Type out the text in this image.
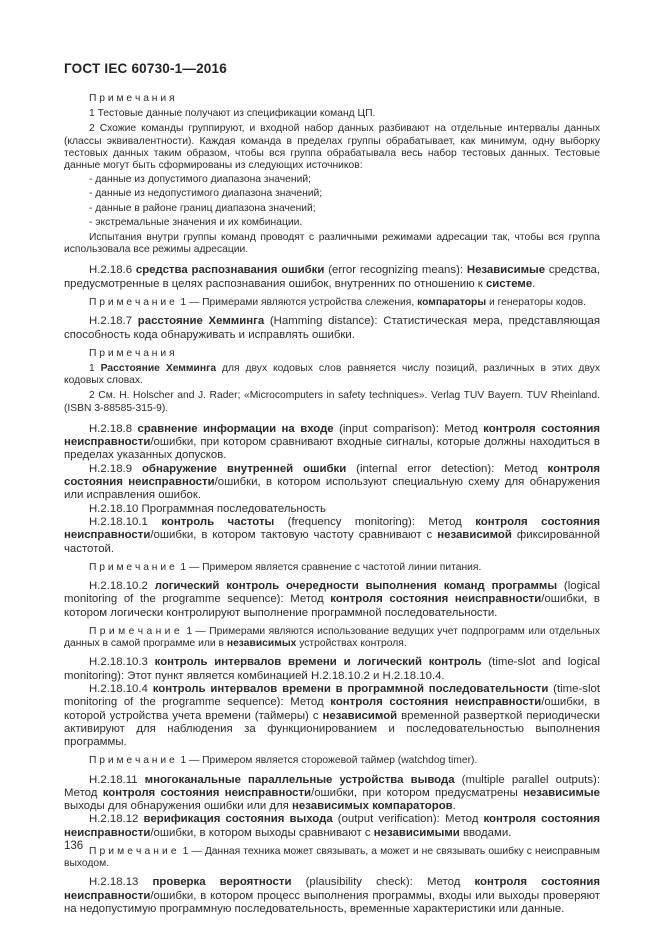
ГОСТ IEC 60730-1—2016

П р и м е ч а н и я

1 Тестовые данные получают из спецификации команд ЦП.

2 Схожие команды группируют, и входной набор данных разбивают на отдельные интервалы данных (классы эквивалентности). Каждая команда в пределах группы обрабатывает, как минимум, одну выборку тестовых данных таким образом, чтобы вся группа обрабатывала весь набор тестовых данных. Тестовые данные могут быть сформированы из следующих источников:

- данные из допустимого диапазона значений;

- данные из недопустимого диапазона значений;

- данные в районе границ диапазона значений;

- экстремальные значения и их комбинации.

Испытания внутри группы команд проводят с различными режимами адресации так, чтобы вся группа использовала все режимы адресации.

Н.2.18.6 средства распознавания ошибки (error recognizing means): Независимые средства, предусмотренные в целях распознавания ошибок, внутренних по отношению к системе.

П р и м е ч а н и е  1 — Примерами являются устройства слежения, компараторы и генераторы кодов.

Н.2.18.7 расстояние Хемминга (Hamming distance): Статистическая мера, представляющая способность кода обнаруживать и исправлять ошибки.

П р и м е ч а н и я

1 Расстояние Хемминга для двух кодовых слов равняется числу позиций, различных в этих двух кодовых словах.

2 См. H. Holscher and J. Rader; «Microcomputers in safety techniques». Verlag TUV Bayern. TUV Rheinland. (ISBN 3-88585-315-9).

Н.2.18.8 сравнение информации на входе (input comparison): Метод контроля состояния неисправности/ошибки, при котором сравнивают входные сигналы, которые должны находиться в пределах указанных допусков.

Н.2.18.9 обнаружение внутренней ошибки (internal error detection): Метод контроля состояния неисправности/ошибки, в котором используют специальную схему для обнаружения или исправления ошибок.

Н.2.18.10 Программная последовательность

Н.2.18.10.1 контроль частоты (frequency monitoring): Метод контроля состояния неисправности/ошибки, в котором тактовую частоту сравнивают с независимой фиксированной частотой.

П р и м е ч а н и е  1 — Примером является сравнение с частотой линии питания.

Н.2.18.10.2 логический контроль очередности выполнения команд программы (logical monitoring of the programme sequence): Метод контроля состояния неисправности/ошибки, в котором логически контролируют выполнение программной последовательности.

П р и м е ч а н и е  1 — Примерами являются использование ведущих учет подпрограмм или отдельных данных в самой программе или в независимых устройствах контроля.

Н.2.18.10.3 контроль интервалов времени и логический контроль (time-slot and logical monitoring): Этот пункт является комбинацией Н.2.18.10.2 и Н.2.18.10.4.

Н.2.18.10.4 контроль интервалов времени в программной последовательности (time-slot monitoring of the programme sequence): Метод контроля состояния неисправности/ошибки, в которой устройства учета времени (таймеры) с независимой временной разверткой периодически активируют для наблюдения за функционированием и последовательностью выполнения программы.

П р и м е ч а н и е  1 — Примером является сторожевой таймер (watchdog timer).

Н.2.18.11 многоканальные параллельные устройства вывода (multiple parallel outputs): Метод контроля состояния неисправности/ошибки, при котором предусматрены независимые выходы для обнаружения ошибки или для независимых компараторов.

Н.2.18.12 верификация состояния выхода (output verification): Метод контроля состояния неисправности/ошибки, в котором выходы сравнивают с независимыми вводами.

П р и м е ч а н и е  1 — Данная техника может связывать, а может и не связывать ошибку с неисправным выходом.

Н.2.18.13 проверка вероятности (plausibility check): Метод контроля состояния неисправности/ошибки, в котором процесс выполнения программы, входы или выходы проверяют на недопустимую программную последовательность, временные характеристики или данные.

136
